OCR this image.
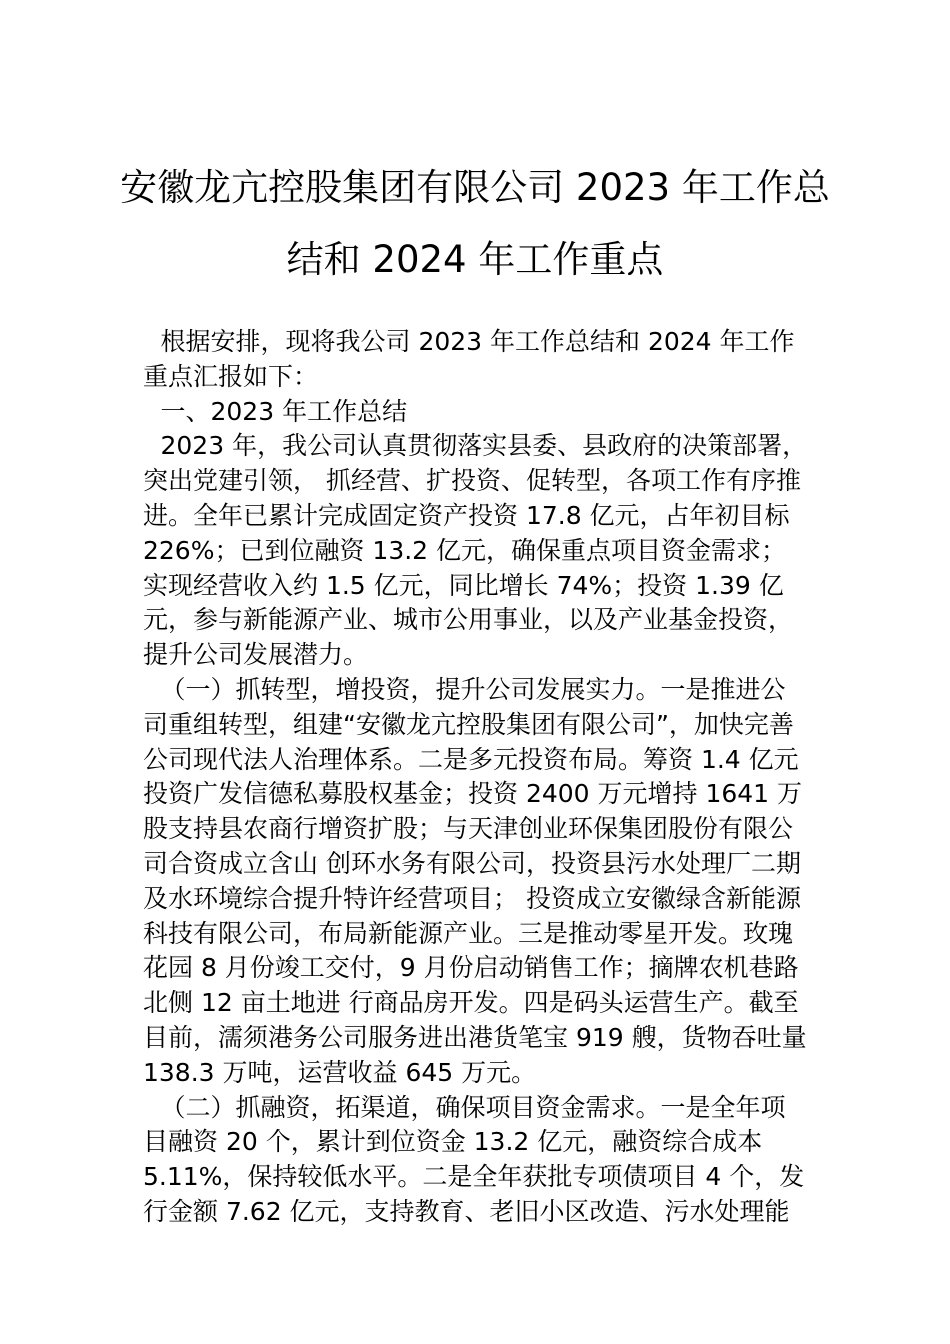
安徽龙亢控股集团有限公司 2023 年工作总
结和 2024 年工作重点

根据安排，现将我公司 2023 年工作总结和 2024 年工作重点汇报如下：

一、2023 年工作总结

2023 年，我公司认真贯彻落实县委、县政府的决策部署，突出党建引领， 抓经营、扩投资、促转型，各项工作有序推进。全年已累计完成固定资产投资 17.8 亿元，占年初目标 226%；已到位融资 13.2 亿元，确保重点项目资金需求；实现经营收入约 1.5 亿元，同比增长 74%；投资 1.39 亿元，参与新能源产业、城市公用事业，以及产业基金投资，提升公司发展潜力。

（一）抓转型，增投资，提升公司发展实力。一是推进公司重组转型，组建“安徽龙亢控股集团有限公司”，加快完善公司现代法人治理体系。二是多元投资布局。筹资 1.4 亿元投资广发信德私募股权基金；投资 2400 万元增持 1641 万股支持县农商行增资扩股；与天津创业环保集团股份有限公司合资成立含山 创环水务有限公司，投资县污水处理厂二期及水环境综合提升特许经营项目； 投资成立安徽绿含新能源科技有限公司，布局新能源产业。三是推动零星开发。玫瑰花园 8 月份竣工交付，9 月份启动销售工作；摘牌农机巷路北侧 12 亩土地进 行商品房开发。四是码头运营生产。截至目前，濡须港务公司服务进出港货笔宝 919 艘，货物吞吐量 138.3 万吨，运营收益 645 万元。

（二）抓融资，拓渠道，确保项目资金需求。一是全年项目融资 20 个，累计到位资金 13.2 亿元，融资综合成本 5.11%，保持较低水平。二是全年获批专项债项目 4 个，发行金额 7.62 亿元，支持教育、老旧小区改造、污水处理能
